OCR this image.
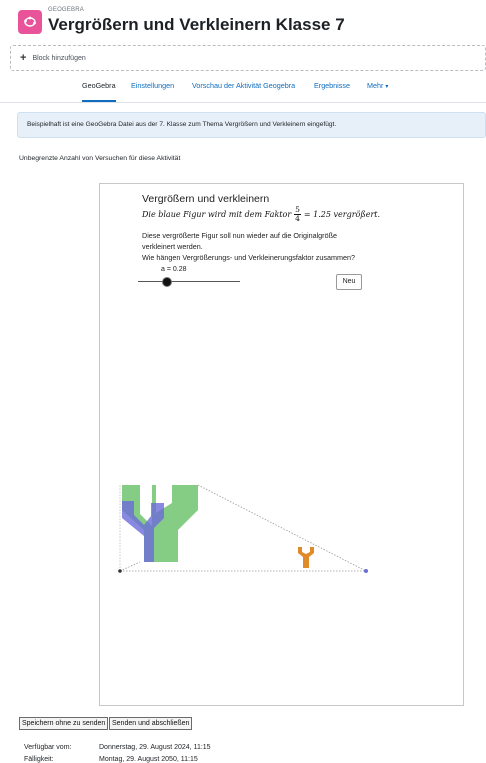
GEOGEBRA
Vergrößern und Verkleinern Klasse 7
+ Block hinzufügen
GeoGebra Einstellungen Vorschau der Aktivität Geogebra	Ergebnisse Mehr ▾
Beispielhaft ist eine GeoGebra Datei aus der 7. Klasse zum Thema Vergrößern und Verkleinern eingefügt.
Unbegrenzte Anzahl von Versuchen für diese Aktivität
Vergrößern und verkleinern
Die blaue Figur wird mit dem Faktor $\frac{5}{4} = 1.25$ vergrößert.
Diese vergrößerte Figur soll nun wieder auf die Originalgröße
verkleinert werden.
Wie hängen Vergrößerungs- und Verkleinerungsfaktor zusammen?
a = 0.28
Neu
Speichern ohne zu senden Senden und abschließen
Verfügbar vom:	Donnerstag, 29. August 2024, 11:15
Fälligkeit:	Montag, 29. August 2050, 11:15
